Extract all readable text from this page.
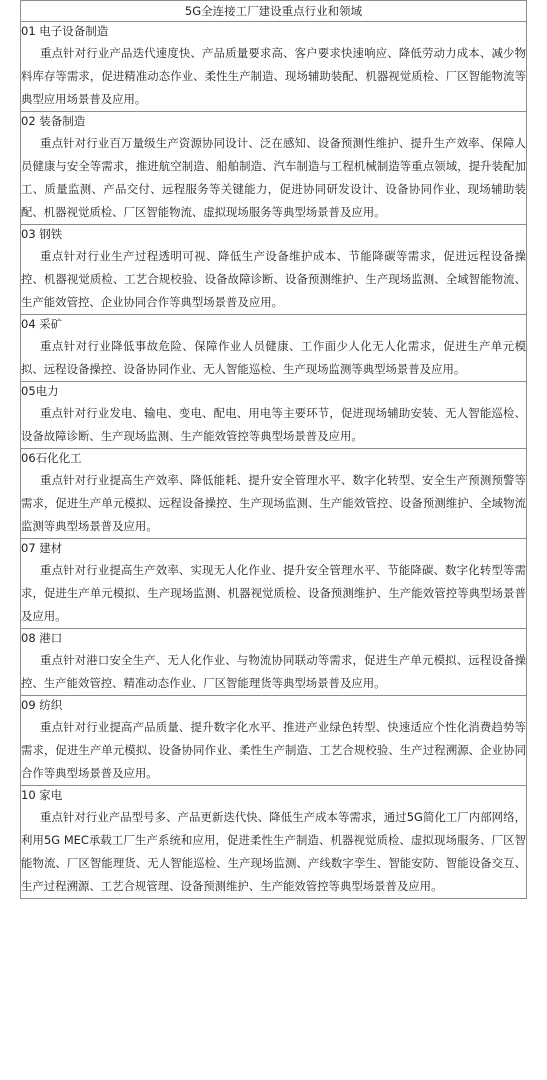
5G全连接工厂建设重点行业和领域

01 电子设备制造

重点针对行业产品迭代速度快、产品质量要求高、客户要求快速响应、降低劳动力成本、减少物料库存等需求，促进精准动态作业、柔性生产制造、现场辅助装配、机器视觉质检、厂区智能物流等典型应用场景普及应用。

02 装备制造

重点针对行业百万量级生产资源协同设计、泛在感知、设备预测性维护、提升生产效率、保障人员健康与安全等需求，推进航空制造、船舶制造、汽车制造与工程机械制造等重点领域，提升装配加工、质量监测、产品交付、远程服务等关键能力，促进协同研发设计、设备协同作业、现场辅助装配、机器视觉质检、厂区智能物流、虚拟现场服务等典型场景普及应用。

03 钢铁

重点针对行业生产过程透明可视、降低生产设备维护成本、节能降碳等需求，促进远程设备操控、机器视觉质检、工艺合规校验、设备故障诊断、设备预测维护、生产现场监测、全域智能物流、生产能效管控、企业协同合作等典型场景普及应用。

04 采矿

重点针对行业降低事故危险、保障作业人员健康、工作面少人化无人化需求，促进生产单元模拟、远程设备操控、设备协同作业、无人智能巡检、生产现场监测等典型场景普及应用。

05电力

重点针对行业发电、输电、变电、配电、用电等主要环节，促进现场辅助安装、无人智能巡检、设备故障诊断、生产现场监测、生产能效管控等典型场景普及应用。

06石化化工

重点针对行业提高生产效率、降低能耗、提升安全管理水平、数字化转型、安全生产预测预警等需求，促进生产单元模拟、远程设备操控、生产现场监测、生产能效管控、设备预测维护、全域物流监测等典型场景普及应用。

07 建材

重点针对行业提高生产效率、实现无人化作业、提升安全管理水平、节能降碳、数字化转型等需求，促进生产单元模拟、生产现场监测、机器视觉质检、设备预测维护、生产能效管控等典型场景普及应用。

08 港口

重点针对港口安全生产、无人化作业、与物流协同联动等需求，促进生产单元模拟、远程设备操控、生产能效管控、精准动态作业、厂区智能理货等典型场景普及应用。

09 纺织

重点针对行业提高产品质量、提升数字化水平、推进产业绿色转型、快速适应个性化消费趋势等需求，促进生产单元模拟、设备协同作业、柔性生产制造、工艺合规校验、生产过程溯源、企业协同合作等典型场景普及应用。

10 家电

重点针对行业产品型号多、产品更新迭代快、降低生产成本等需求，通过5G简化工厂内部网络，利用5G MEC承载工厂生产系统和应用，促进柔性生产制造、机器视觉质检、虚拟现场服务、厂区智能物流、厂区智能理货、无人智能巡检、生产现场监测、产线数字孪生、智能安防、智能设备交互、生产过程溯源、工艺合规管理、设备预测维护、生产能效管控等典型场景普及应用。
